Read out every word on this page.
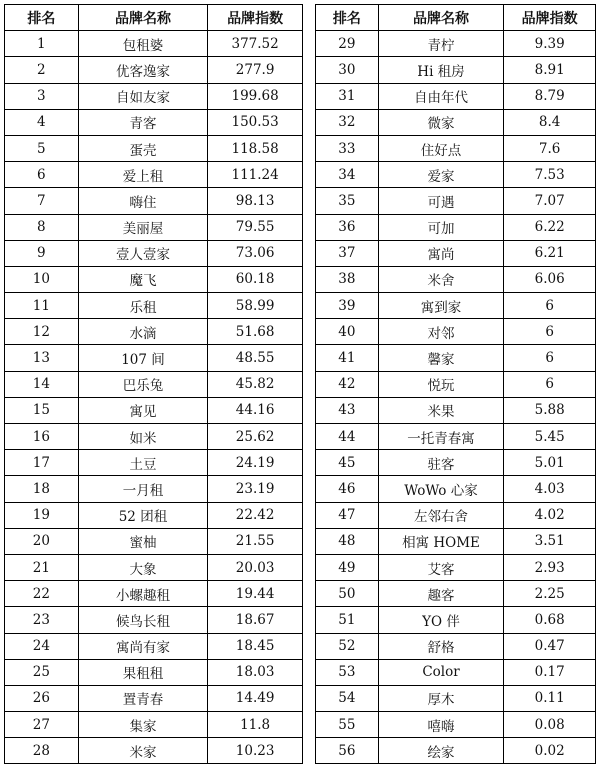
排名	品牌名称	品牌指数
1	包租婆	377.52
2	优客逸家	277.9
3	自如友家	199.68
4	青客	150.53
5	蛋壳	118.58
6	爱上租	111.24
7	嗨住	98.13
8	美丽屋	79.55
9	壹人壹家	73.06
10	魔飞	60.18
11	乐租	58.99
12	水滴	51.68
13	107 间	48.55
14	巴乐兔	45.82
15	寓见	44.16
16	如米	25.62
17	土豆	24.19
18	一月租	23.19
19	52 团租	22.42
20	蜜柚	21.55
21	大象	20.03
22	小螺趣租	19.44
23	候鸟长租	18.67
24	寓尚有家	18.45
25	果租租	18.03
26	置青春	14.49
27	集家	11.8
28	米家	10.23
排名	品牌名称	品牌指数
29	青柠	9.39
30	Hi 租房	8.91
31	自由年代	8.79
32	微家	8.4
33	住好点	7.6
34	爱家	7.53
35	可遇	7.07
36	可加	6.22
37	寓尚	6.21
38	米舍	6.06
39	寓到家	6
40	对邻	6
41	馨家	6
42	悦玩	6
43	米果	5.88
44	一托青春寓	5.45
45	驻客	5.01
46	WoWo 心家	4.03
47	左邻右舍	4.02
48	相寓 HOME	3.51
49	艾客	2.93
50	趣客	2.25
51	YO 伴	0.68
52	舒格	0.47
53	Color	0.17
54	厚木	0.11
55	嘻嗨	0.08
56	绘家	0.02
